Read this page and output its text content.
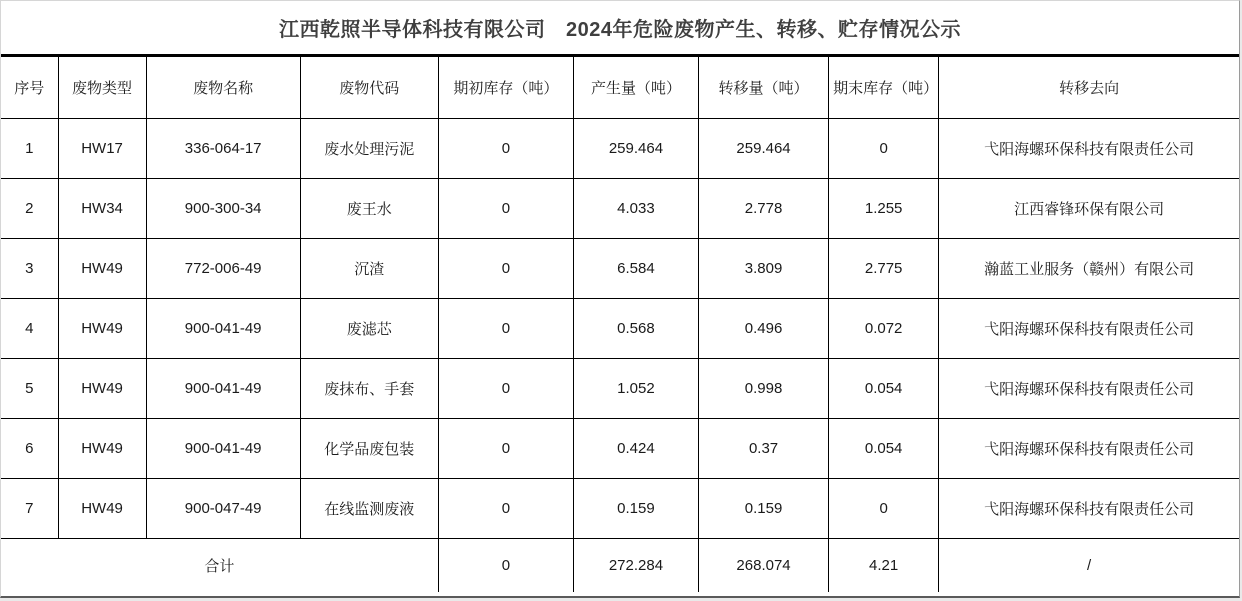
江西乾照半导体科技有限公司　2024年危险废物产生、转移、贮存情况公示
序号	废物类型	废物名称	废物代码	期初库存（吨）	产生量（吨）	转移量（吨）	期末库存（吨）	转移去向
1	HW17	336-064-17	废水处理污泥	0	259.464	259.464	0	弋阳海螺环保科技有限责任公司
2	HW34	900-300-34	废王水	0	4.033	2.778	1.255	江西睿锋环保有限公司
3	HW49	772-006-49	沉渣	0	6.584	3.809	2.775	瀚蓝工业服务（赣州）有限公司
4	HW49	900-041-49	废滤芯	0	0.568	0.496	0.072	弋阳海螺环保科技有限责任公司
5	HW49	900-041-49	废抹布、手套	0	1.052	0.998	0.054	弋阳海螺环保科技有限责任公司
6	HW49	900-041-49	化学品废包装	0	0.424	0.37	0.054	弋阳海螺环保科技有限责任公司
7	HW49	900-047-49	在线监测废液	0	0.159	0.159	0	弋阳海螺环保科技有限责任公司
合计				0	272.284	268.074	4.21	/
